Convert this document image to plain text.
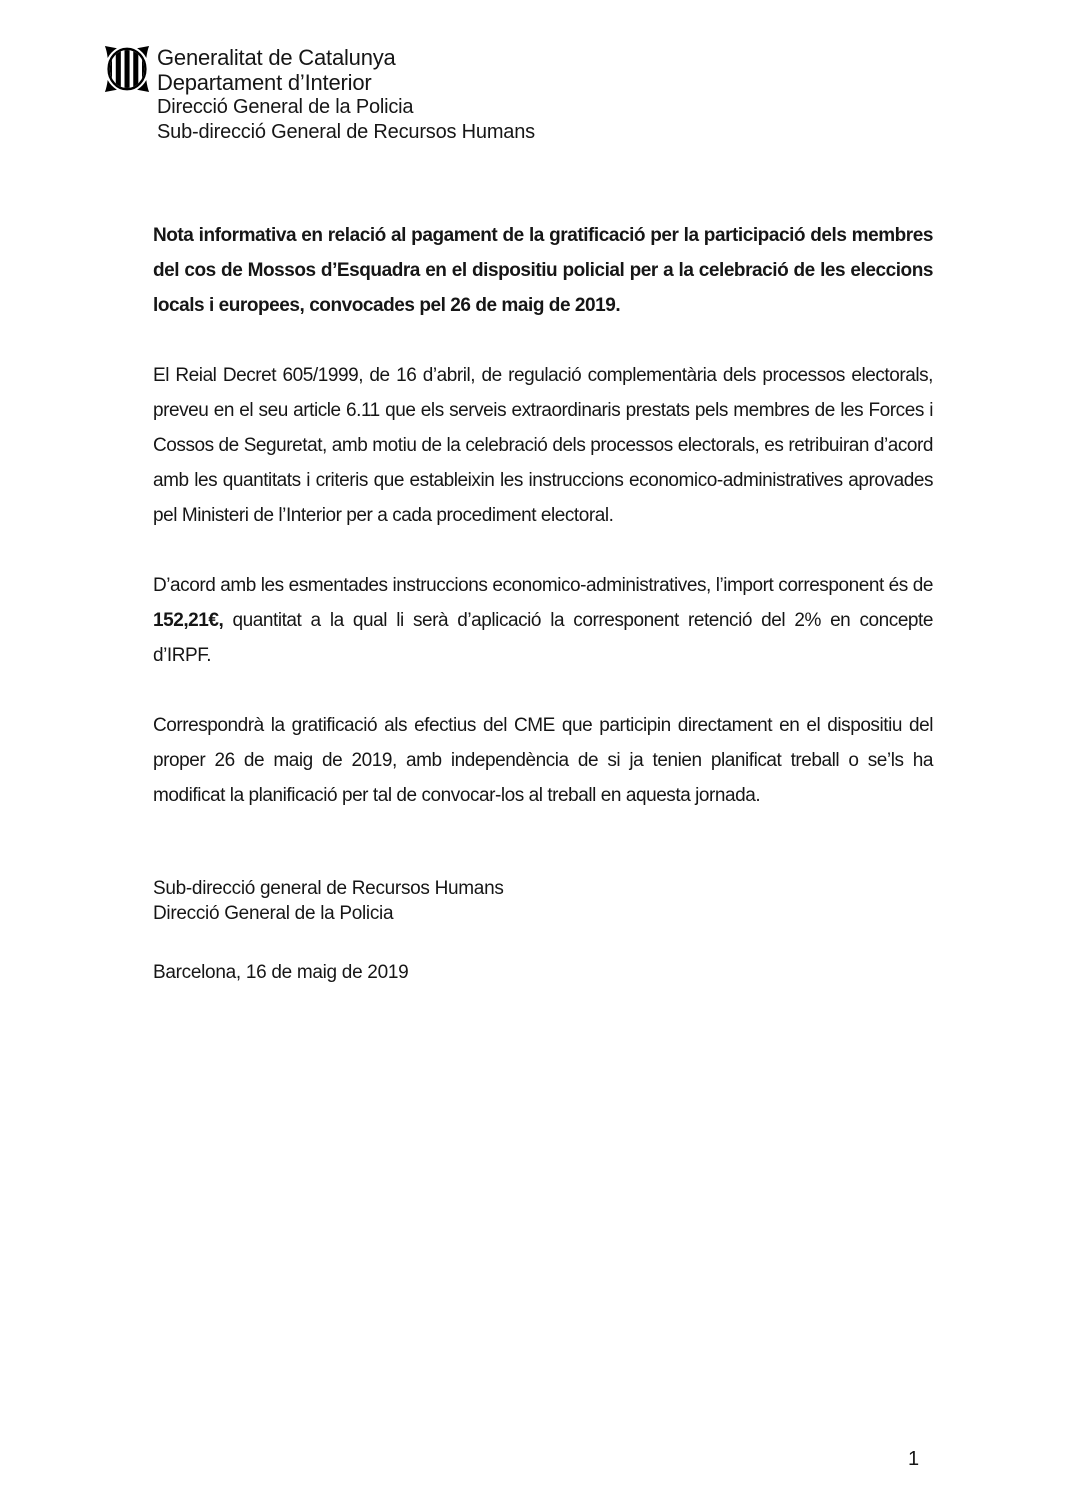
Generalitat de Catalunya
Departament d’Interior
Direcció General de la Policia
Sub-direcció General de Recursos Humans

Nota informativa en relació al pagament de la gratificació per la participació dels membres del cos de Mossos d’Esquadra en el dispositiu policial per a la celebració de les eleccions locals i europees, convocades pel 26 de maig de 2019.

El Reial Decret 605/1999, de 16 d’abril, de regulació complementària dels processos electorals, preveu en el seu article 6.11 que els serveis extraordinaris prestats pels membres de les Forces i Cossos de Seguretat, amb motiu de la celebració dels processos electorals, es retribuiran d’acord amb les quantitats i criteris que estableixin les instruccions economico-administratives aprovades pel Ministeri de l’Interior per a cada procediment electoral.

D’acord amb les esmentades instruccions economico-administratives, l’import corresponent és de 152,21€, quantitat a la qual li serà d’aplicació la corresponent retenció del 2% en concepte d’IRPF.

Correspondrà la gratificació als efectius del CME que participin directament en el dispositiu del proper 26 de maig de 2019, amb independència de si ja tenien planificat treball o se’ls ha modificat la planificació per tal de convocar-los al treball en aquesta jornada.

Sub-direcció general de Recursos Humans
Direcció General de la Policia
Barcelona, 16 de maig de 2019
1
